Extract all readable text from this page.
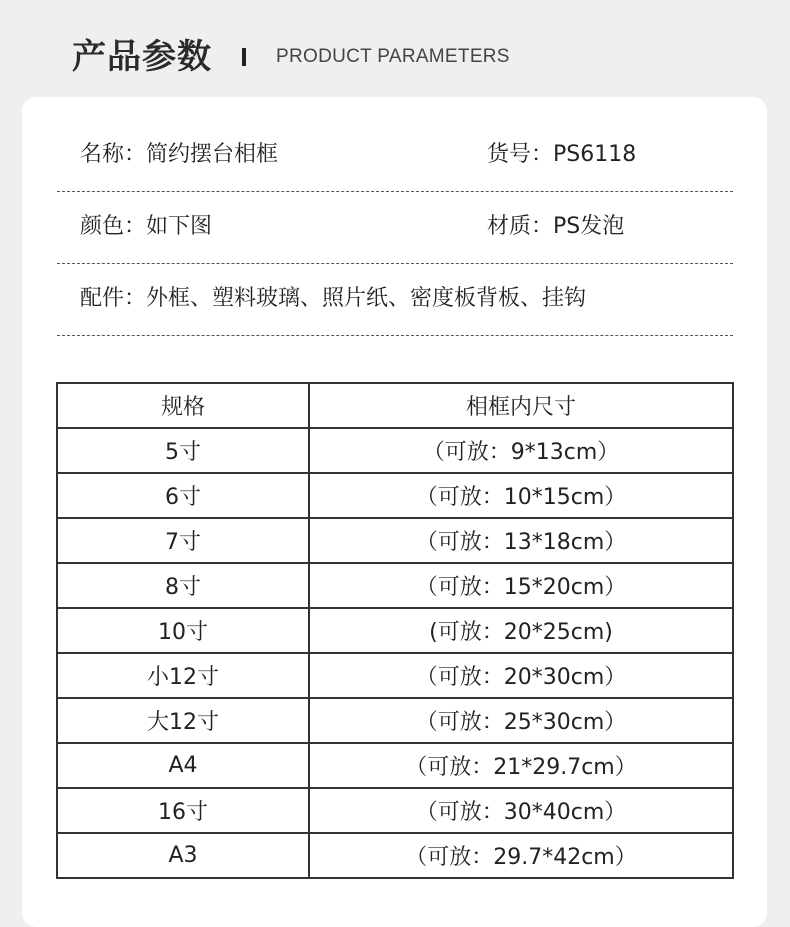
产品参数	PRODUCT PARAMETERS
名称：简约摆台相框	货号：PS6118
颜色：如下图	材质：PS发泡
配件：外框、塑料玻璃、照片纸、密度板背板、挂钩
规格	相框内尺寸
5寸	（可放：9*13cm）
6寸	（可放：10*15cm）
7寸	（可放：13*18cm）
8寸	（可放：15*20cm）
10寸	(可放：20*25cm)
小12寸	（可放：20*30cm）
大12寸	（可放：25*30cm）
A4	（可放：21*29.7cm）
16寸	（可放：30*40cm）
A3	（可放：29.7*42cm）
